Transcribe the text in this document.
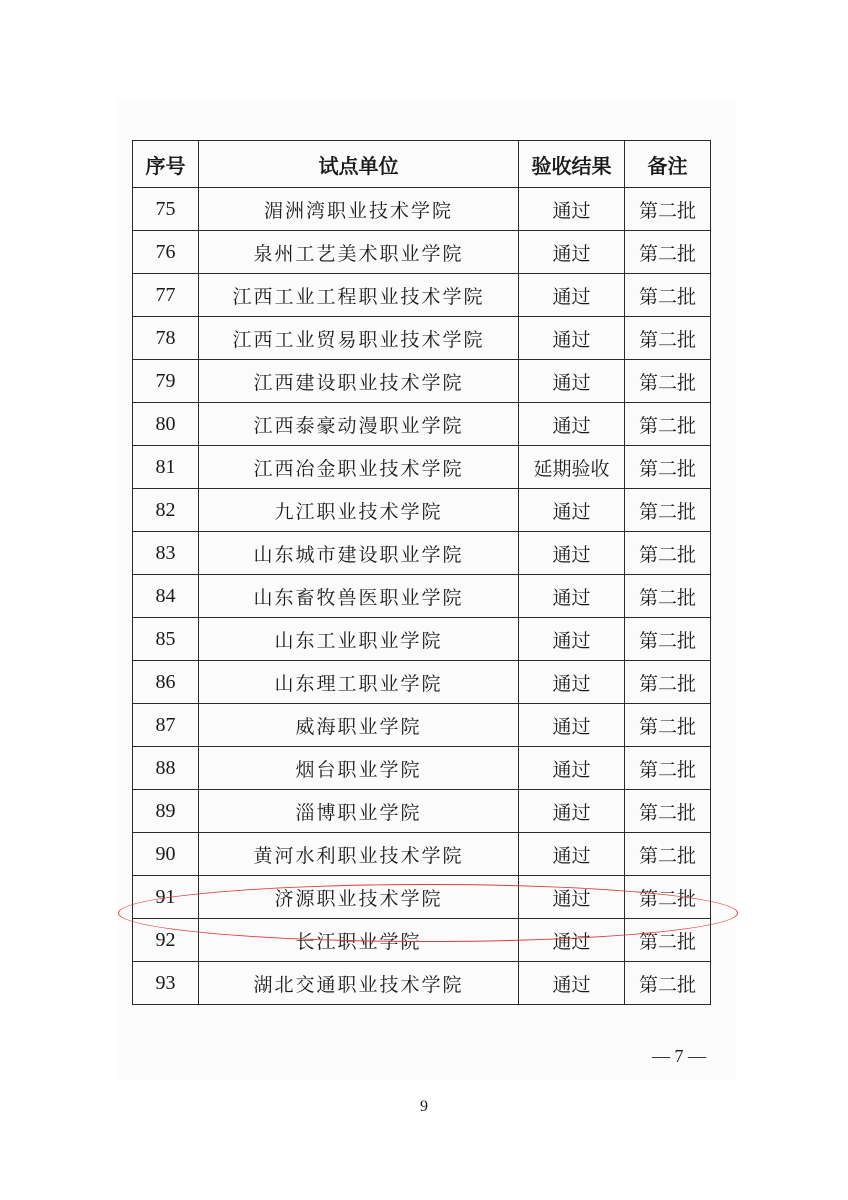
序号	试点单位	验收结果	备注
75	湄洲湾职业技术学院	通过	第二批
76	泉州工艺美术职业学院	通过	第二批
77	江西工业工程职业技术学院	通过	第二批
78	江西工业贸易职业技术学院	通过	第二批
79	江西建设职业技术学院	通过	第二批
80	江西泰豪动漫职业学院	通过	第二批
81	江西冶金职业技术学院	延期验收	第二批
82	九江职业技术学院	通过	第二批
83	山东城市建设职业学院	通过	第二批
84	山东畜牧兽医职业学院	通过	第二批
85	山东工业职业学院	通过	第二批
86	山东理工职业学院	通过	第二批
87	威海职业学院	通过	第二批
88	烟台职业学院	通过	第二批
89	淄博职业学院	通过	第二批
90	黄河水利职业技术学院	通过	第二批
91	济源职业技术学院	通过	第二批
92	长江职业学院	通过	第二批
93	湖北交通职业技术学院	通过	第二批
— 7 —
9
